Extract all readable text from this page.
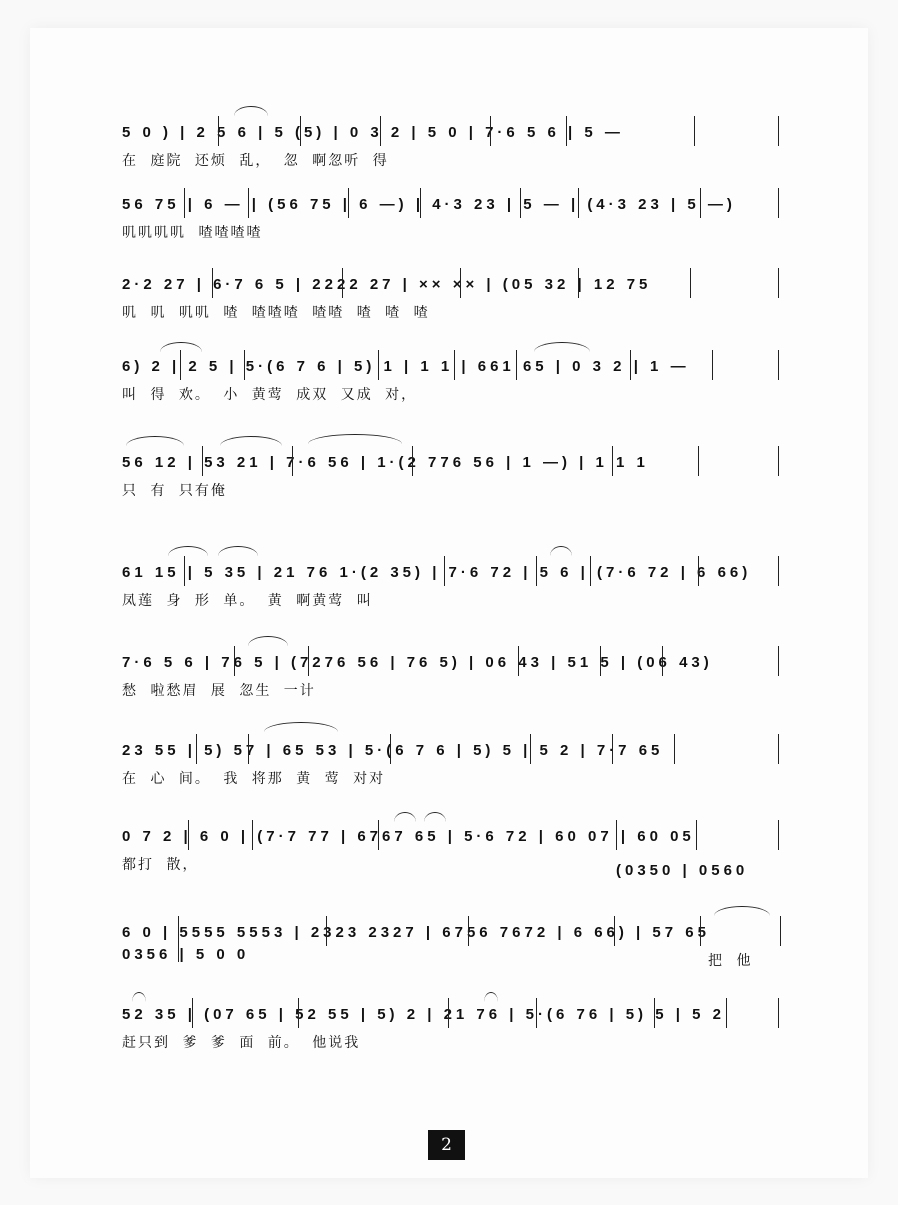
5 0 ) | 2 5 6 | 5 (5) | 0 3 2 | 5 0 | 7·6 5 6 | 5 —
在 庭院 还烦 乱， 忽 啊忽听 得
56 75 | 6 — | (56 75 | 6 —) | 4·3 23 | 5 — | (4·3 23 | 5 —)
叽叽叽叽 喳喳喳喳
2·2 27 | 6·7 6 5 | 2222 27 | ×× ×× | (05 32 | 12 75
叽 叽 叽叽 喳 喳喳喳 喳喳 喳 喳 喳
6) 2 | 2 5 | 5·(6 7 6 | 5) 1 | 1 1 | 661 65 | 0 3 2 | 1 —
叫 得 欢。 小 黄莺 成双 又成 对，
56 12 | 53 21 | 7·6 56 | 1·(2 776 56 | 1 —) | 1 1 1
只 有 只有俺
61 15 | 5 35 | 21 76 1·(2 35) | 7·6 72 | 5 6 | (7·6 72 | 6 66)
凤莲 身 形 单。 黄 啊黄莺 叫
7·6 5 6 | 76 5 | (7276 56 | 76 5) | 06 43 | 51 5 | (06 43)
愁 啦愁眉 展 忽生 一计
23 55 | 5) 57 | 65 53 | 5·(6 7 6 | 5) 5 | 5 2 | 7·7 65
在 心 间。 我 将那 黄 莺 对对
0 7 2 | 6 0 | (7·7 77 | 6767 65 | 5·6 72 | 60 07 | 60 05
都打 散，	(0350 | 0560
6 0 | 5555 5553 | 2323 2327 | 6756 7672 | 6 66) | 57 65
0356 | 5 0 0	把 他
52 35 | (07 65 | 52 55 | 5) 2 | 21 76 | 5·(6 76 | 5) 5 | 5 2
赶只到 爹 爹 面 前。 他说我
2
